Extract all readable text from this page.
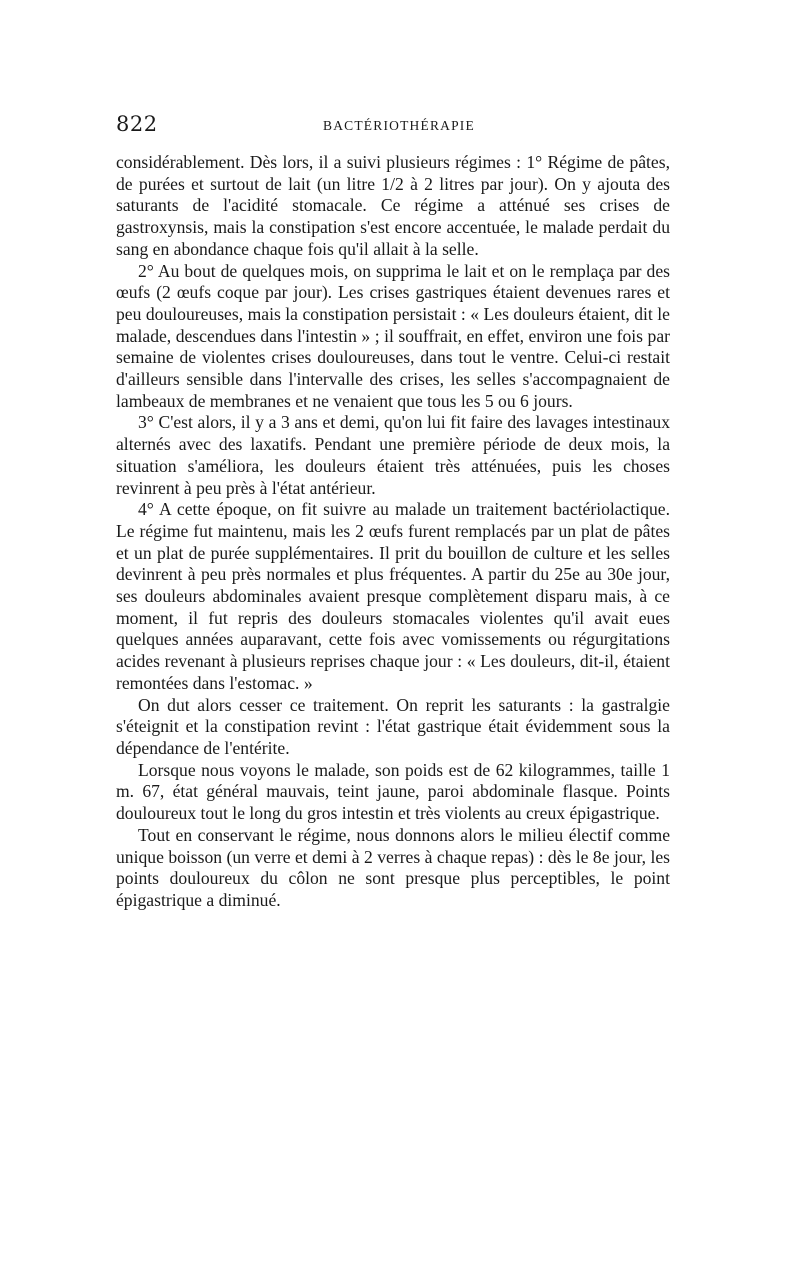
822	BACTÉRIOTHÉRAPIE

considérablement. Dès lors, il a suivi plusieurs régimes : 1° Régime de pâtes, de purées et surtout de lait (un litre 1/2 à 2 litres par jour). On y ajouta des saturants de l'acidité stomacale. Ce régime a atténué ses crises de gastroxynsis, mais la constipation s'est encore accentuée, le malade perdait du sang en abondance chaque fois qu'il allait à la selle.

2° Au bout de quelques mois, on supprima le lait et on le remplaça par des œufs (2 œufs coque par jour). Les crises gastriques étaient devenues rares et peu douloureuses, mais la constipation persistait : « Les douleurs étaient, dit le malade, descendues dans l'intestin » ; il souffrait, en effet, environ une fois par semaine de violentes crises douloureuses, dans tout le ventre. Celui-ci restait d'ailleurs sensible dans l'intervalle des crises, les selles s'accompagnaient de lambeaux de membranes et ne venaient que tous les 5 ou 6 jours.

3° C'est alors, il y a 3 ans et demi, qu'on lui fit faire des lavages intestinaux alternés avec des laxatifs. Pendant une première période de deux mois, la situation s'améliora, les douleurs étaient très atténuées, puis les choses revinrent à peu près à l'état antérieur.

4° A cette époque, on fit suivre au malade un traitement bactériolactique. Le régime fut maintenu, mais les 2 œufs furent remplacés par un plat de pâtes et un plat de purée supplémentaires. Il prit du bouillon de culture et les selles devinrent à peu près normales et plus fréquentes. A partir du 25e au 30e jour, ses douleurs abdominales avaient presque complètement disparu mais, à ce moment, il fut repris des douleurs stomacales violentes qu'il avait eues quelques années auparavant, cette fois avec vomissements ou régurgitations acides revenant à plusieurs reprises chaque jour : « Les douleurs, dit-il, étaient remontées dans l'estomac. »

On dut alors cesser ce traitement. On reprit les saturants : la gastralgie s'éteignit et la constipation revint : l'état gastrique était évidemment sous la dépendance de l'entérite.

Lorsque nous voyons le malade, son poids est de 62 kilogrammes, taille 1 m. 67, état général mauvais, teint jaune, paroi abdominale flasque. Points douloureux tout le long du gros intestin et très violents au creux épigastrique.

Tout en conservant le régime, nous donnons alors le milieu électif comme unique boisson (un verre et demi à 2 verres à chaque repas) : dès le 8e jour, les points douloureux du côlon ne sont presque plus perceptibles, le point épigastrique a diminué.
